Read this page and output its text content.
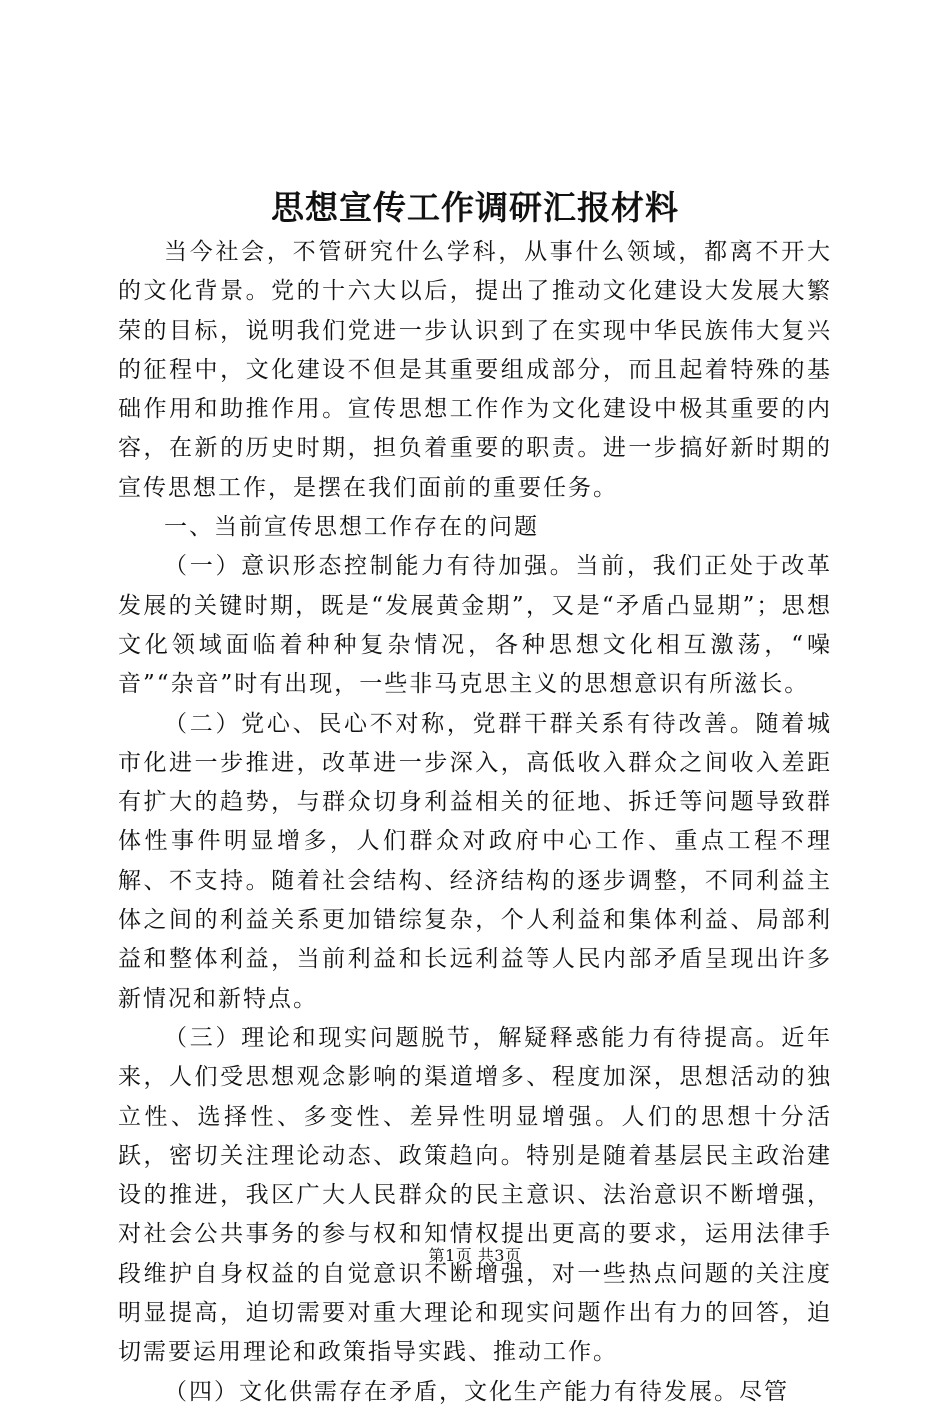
思想宣传工作调研汇报材料

当今社会，不管研究什么学科，从事什么领域，都离不开大的文化背景。党的十六大以后，提出了推动文化建设大发展大繁荣的目标，说明我们党进一步认识到了在实现中华民族伟大复兴的征程中，文化建设不但是其重要组成部分，而且起着特殊的基础作用和助推作用。宣传思想工作作为文化建设中极其重要的内容，在新的历史时期，担负着重要的职责。进一步搞好新时期的宣传思想工作，是摆在我们面前的重要任务。

一、当前宣传思想工作存在的问题

（一）意识形态控制能力有待加强。当前，我们正处于改革发展的关键时期，既是“发展黄金期”，又是“矛盾凸显期”；思想文化领域面临着种种复杂情况，各种思想文化相互激荡，“噪音”“杂音”时有出现，一些非马克思主义的思想意识有所滋长。

（二）党心、民心不对称，党群干群关系有待改善。随着城市化进一步推进，改革进一步深入，高低收入群众之间收入差距有扩大的趋势，与群众切身利益相关的征地、拆迁等问题导致群体性事件明显增多，人们群众对政府中心工作、重点工程不理解、不支持。随着社会结构、经济结构的逐步调整，不同利益主体之间的利益关系更加错综复杂，个人利益和集体利益、局部利益和整体利益，当前利益和长远利益等人民内部矛盾呈现出许多新情况和新特点。

（三）理论和现实问题脱节，解疑释惑能力有待提高。近年来，人们受思想观念影响的渠道增多、程度加深，思想活动的独立性、选择性、多变性、差异性明显增强。人们的思想十分活跃，密切关注理论动态、政策趋向。特别是随着基层民主政治建设的推进，我区广大人民群众的民主意识、法治意识不断增强，对社会公共事务的参与权和知情权提出更高的要求，运用法律手段维护自身权益的自觉意识不断增强，对一些热点问题的关注度明显提高，迫切需要对重大理论和现实问题作出有力的回答，迫切需要运用理论和政策指导实践、推动工作。

（四）文化供需存在矛盾，文化生产能力有待发展。尽管

第1页 共3页
